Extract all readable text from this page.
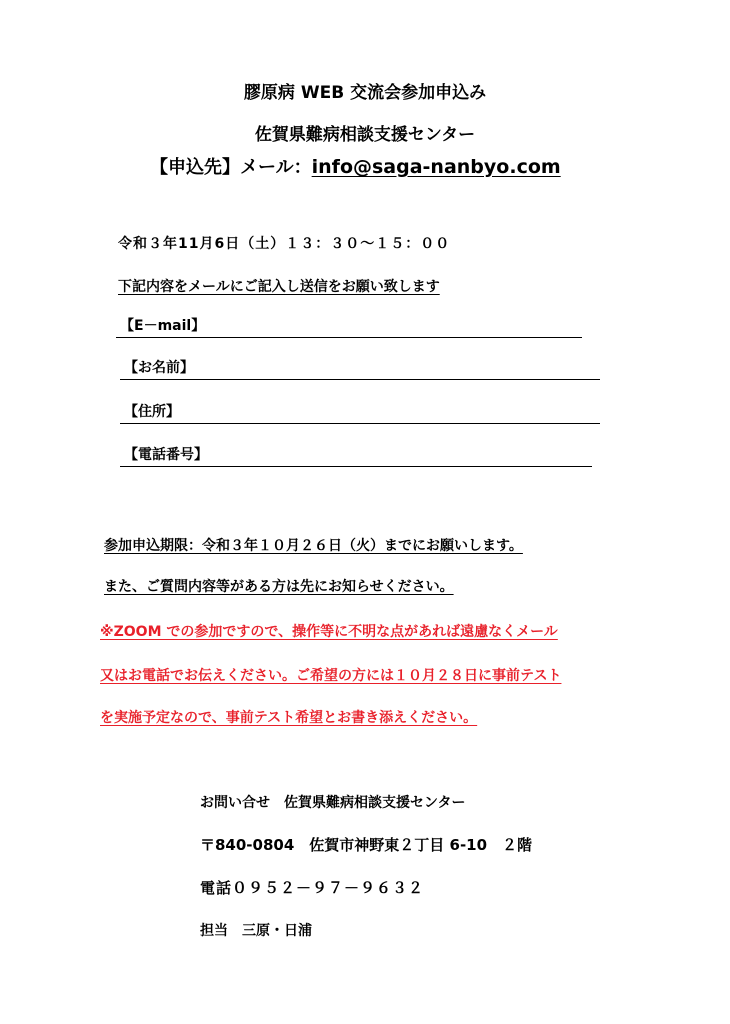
膠原病 WEB 交流会参加申込み
佐賀県難病相談支援センター
【申込先】メール：info@saga-nanbyo.com
令和３年11月6日（土）１３：３０〜１５：００
下記内容をメールにご記入し送信をお願い致します
【E－mail】
【お名前】
【住所】
【電話番号】
参加申込期限：令和３年１０月２６日（火）までにお願いします。
また、ご質問内容等がある方は先にお知らせください。
※ZOOM での参加ですので、操作等に不明な点があれば遠慮なくメール
又はお電話でお伝えください。ご希望の方には１０月２８日に事前テスト
を実施予定なので、事前テスト希望とお書き添えください。
お問い合せ　佐賀県難病相談支援センター
〒840-0804　佐賀市神野東２丁目 6-10　２階
電話０９５２－９７－９６３２
担当　三原・日浦
